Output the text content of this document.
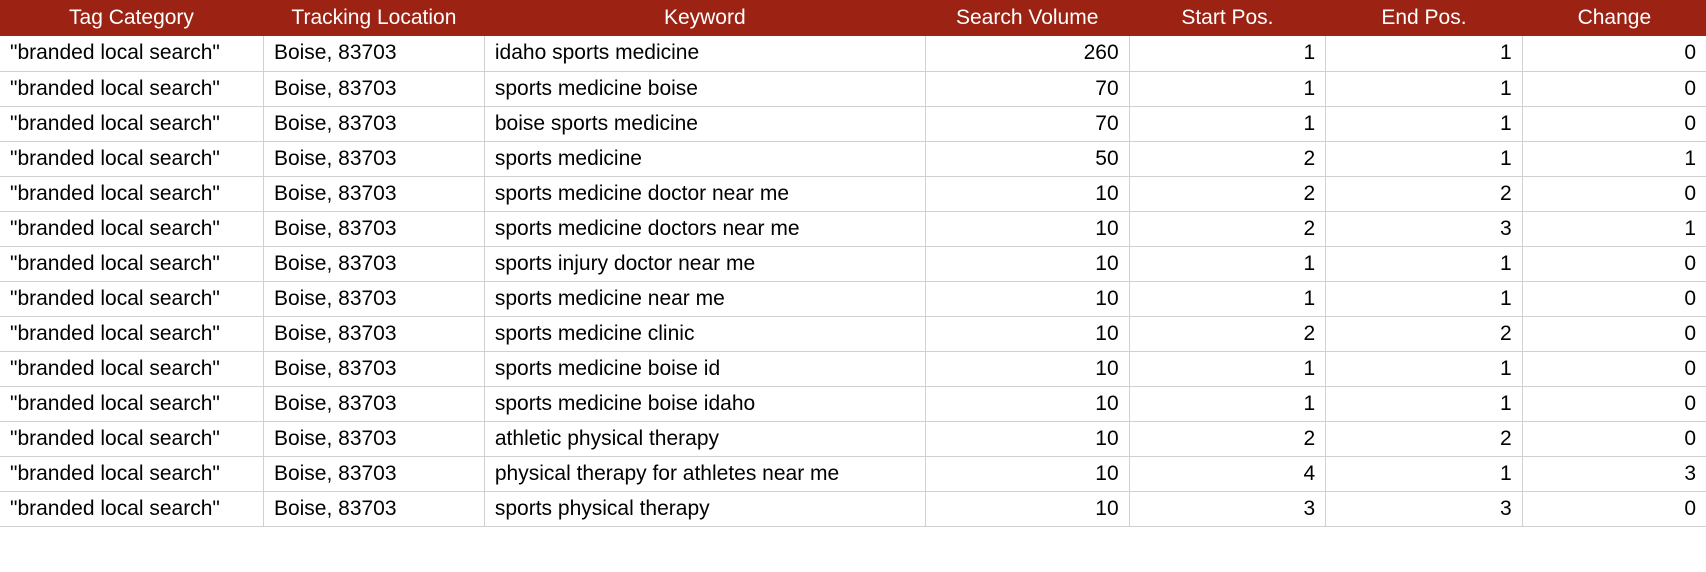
Tag Category	Tracking Location	Keyword	Search Volume	Start Pos.	End Pos.	Change
"branded local search"	Boise, 83703	idaho sports medicine	260	1	1	0
"branded local search"	Boise, 83703	sports medicine boise	70	1	1	0
"branded local search"	Boise, 83703	boise sports medicine	70	1	1	0
"branded local search"	Boise, 83703	sports medicine	50	2	1	1
"branded local search"	Boise, 83703	sports medicine doctor near me	10	2	2	0
"branded local search"	Boise, 83703	sports medicine doctors near me	10	2	3	1
"branded local search"	Boise, 83703	sports injury doctor near me	10	1	1	0
"branded local search"	Boise, 83703	sports medicine near me	10	1	1	0
"branded local search"	Boise, 83703	sports medicine clinic	10	2	2	0
"branded local search"	Boise, 83703	sports medicine boise id	10	1	1	0
"branded local search"	Boise, 83703	sports medicine boise idaho	10	1	1	0
"branded local search"	Boise, 83703	athletic physical therapy	10	2	2	0
"branded local search"	Boise, 83703	physical therapy for athletes near me	10	4	1	3
"branded local search"	Boise, 83703	sports physical therapy	10	3	3	0
